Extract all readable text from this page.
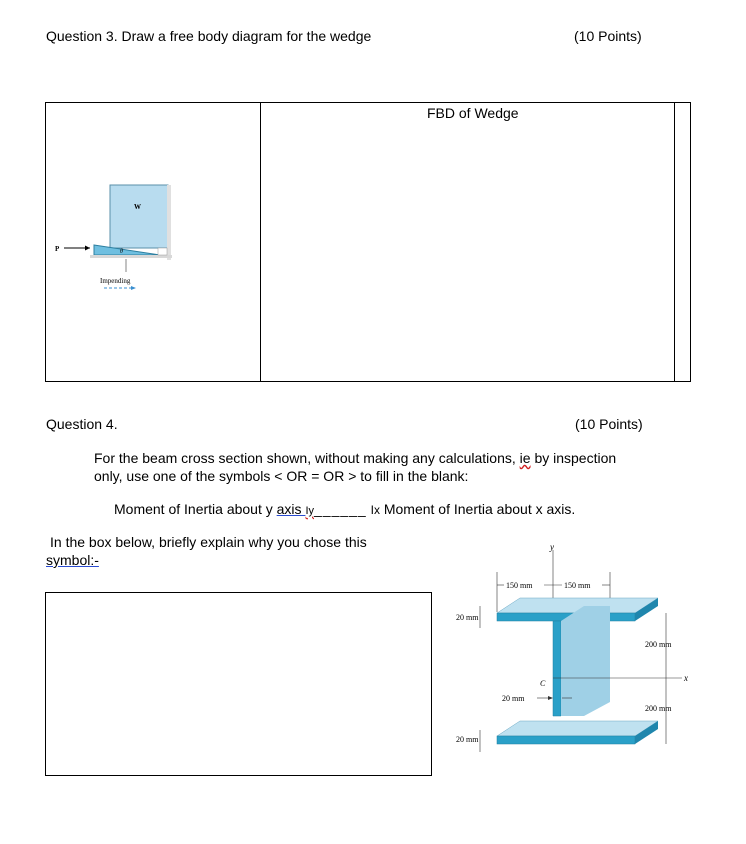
Question 3. Draw a free body diagram for the wedge	(10 Points)
FBD of Wedge
W
P	θ
Impending
Question 4.	(10 Points)
For the beam cross section shown, without making any calculations, ie by inspection
only, use one of the symbols < OR = OR > to fill in the blank:
Moment of Inertia about y axis Iy______ Ix Moment of Inertia about x axis.
In the box below, briefly explain why you chose this
symbol:-
y
150 mm	150 mm
x
C
200 mm
200 mm
20 mm
20 mm
20 mm
